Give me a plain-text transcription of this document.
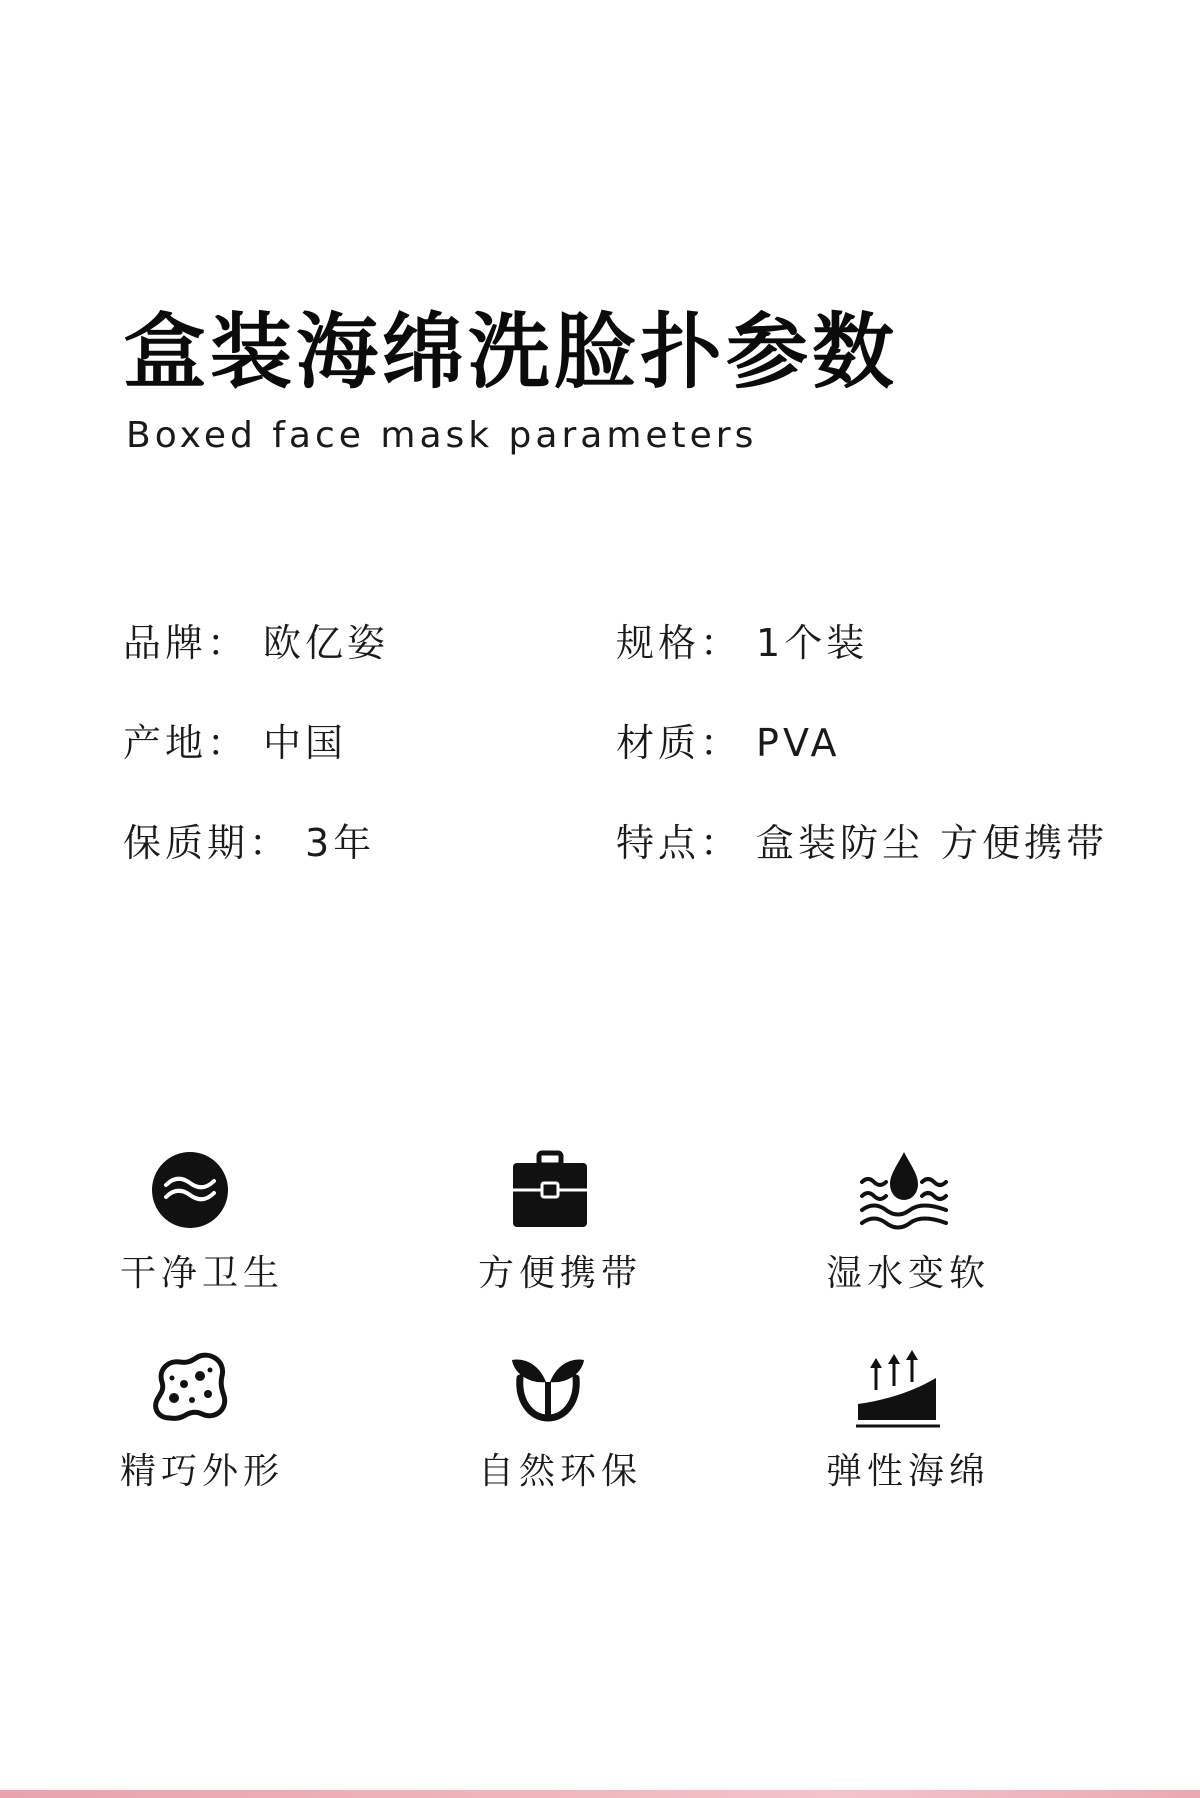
盒装海绵洗脸扑参数
Boxed face mask parameters
品牌： 欧亿姿	规格： 1个装
产地： 中国	材质： PVA
保质期： 3年	特点： 盒装防尘 方便携带
干净卫生	方便携带	湿水变软
精巧外形	自然环保	弹性海绵
